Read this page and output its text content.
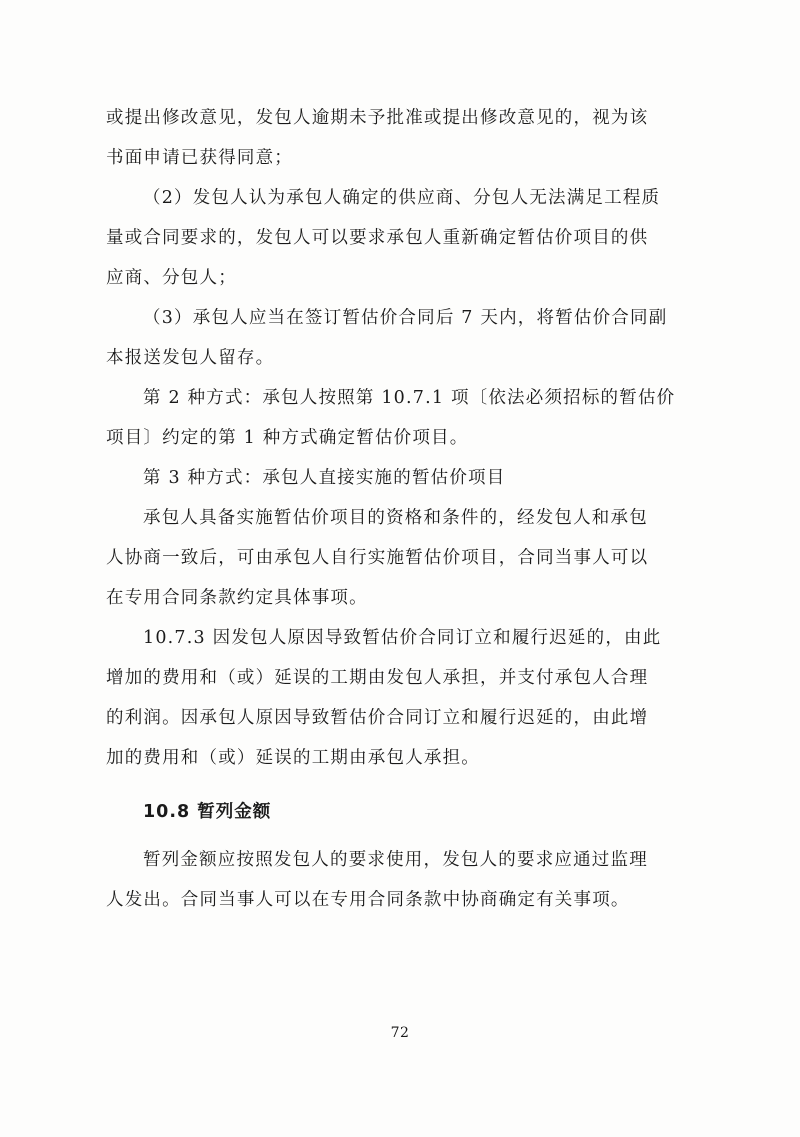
或提出修改意见，发包人逾期未予批准或提出修改意见的，视为该
书面申请已获得同意；

（2）发包人认为承包人确定的供应商、分包人无法满足工程质
量或合同要求的，发包人可以要求承包人重新确定暂估价项目的供
应商、分包人；

（3）承包人应当在签订暂估价合同后 7 天内，将暂估价合同副
本报送发包人留存。

第 2 种方式：承包人按照第 10.7.1 项〔依法必须招标的暂估价
项目〕约定的第 1 种方式确定暂估价项目。

第 3 种方式：承包人直接实施的暂估价项目

承包人具备实施暂估价项目的资格和条件的，经发包人和承包
人协商一致后，可由承包人自行实施暂估价项目，合同当事人可以
在专用合同条款约定具体事项。

10.7.3 因发包人原因导致暂估价合同订立和履行迟延的，由此
增加的费用和（或）延误的工期由发包人承担，并支付承包人合理
的利润。因承包人原因导致暂估价合同订立和履行迟延的，由此增
加的费用和（或）延误的工期由承包人承担。

10.8 暂列金额

暂列金额应按照发包人的要求使用，发包人的要求应通过监理
人发出。合同当事人可以在专用合同条款中协商确定有关事项。

72
